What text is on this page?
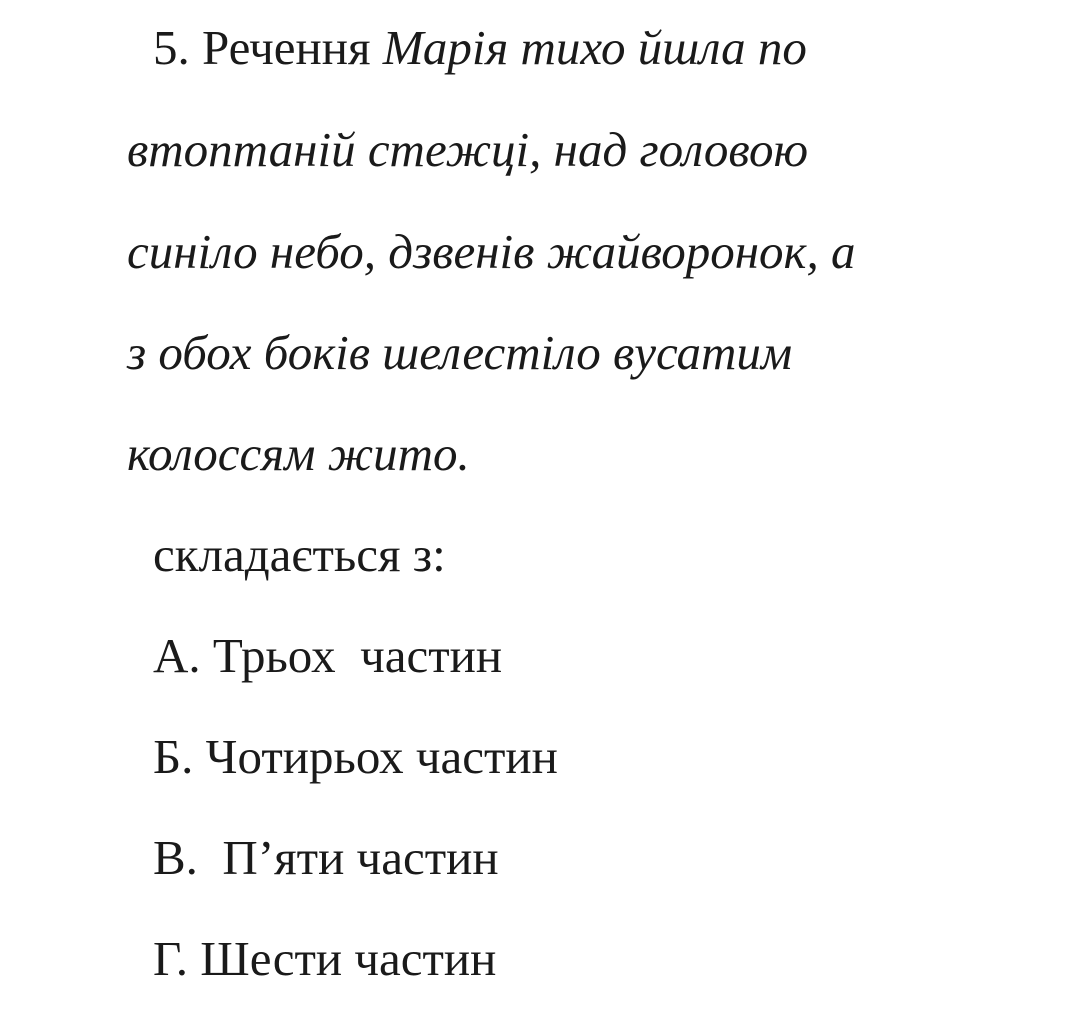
5. Речення Марія тихо йшла по
втоптаній стежці, над головою
синіло небо, дзвенів жайворонок, а
з обох боків шелестіло вусатим
колоссям жито.
складається з:
А. Трьох  частин
Б. Чотирьох частин
В.  П’яти частин
Г. Шести частин
